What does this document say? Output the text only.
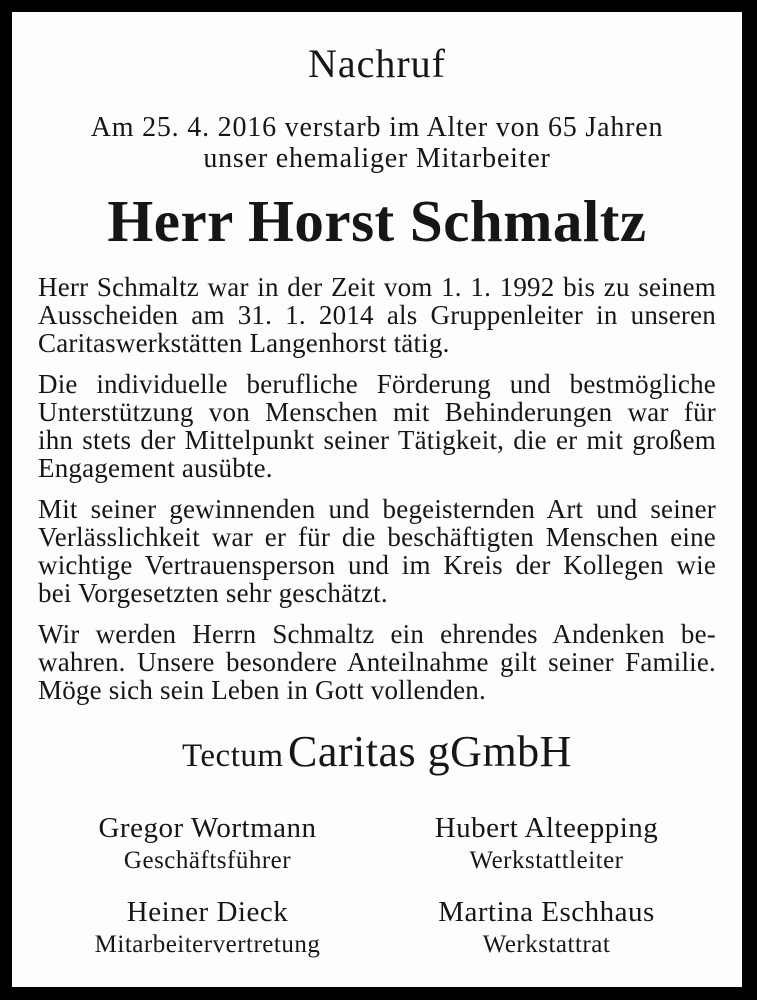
Nachruf
Am 25. 4. 2016 verstarb im Alter von 65 Jahren
unser ehemaliger Mitarbeiter
Herr Horst Schmaltz
Herr Schmaltz war in der Zeit vom 1. 1. 1992 bis zu seinem
Ausscheiden am 31. 1. 2014 als Gruppenleiter in unseren
Caritaswerkstätten Langenhorst tätig.
Die individuelle berufliche Förderung und bestmögliche
Unterstützung von Menschen mit Behinderungen war für
ihn stets der Mittelpunkt seiner Tätigkeit, die er mit großem
Engagement ausübte.
Mit seiner gewinnenden und begeisternden Art und seiner
Verlässlichkeit war er für die beschäftigten Menschen eine
wichtige Vertrauensperson und im Kreis der Kollegen wie
bei Vorgesetzten sehr geschätzt.
Wir werden Herrn Schmaltz ein ehrendes Andenken be-
wahren. Unsere besondere Anteilnahme gilt seiner Familie.
Möge sich sein Leben in Gott vollenden.
Tectum Caritas gGmbH
Gregor Wortmann
Geschäftsführer
Hubert Alteepping
Werkstattleiter
Heiner Dieck
Mitarbeitervertretung
Martina Eschhaus
Werkstattrat
